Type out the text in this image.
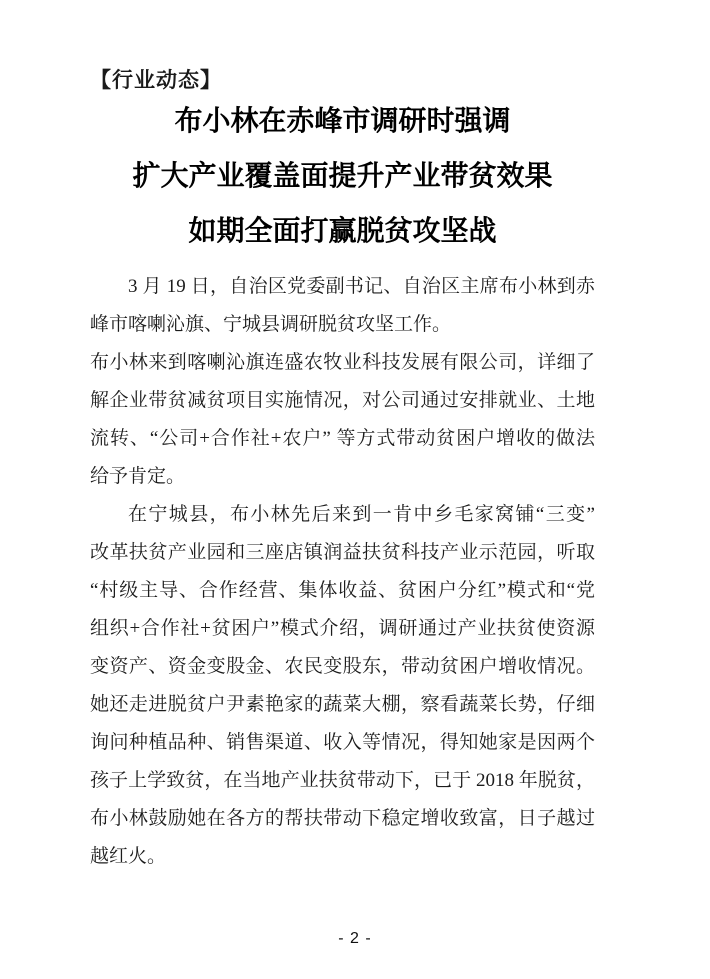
【行业动态】
布小林在赤峰市调研时强调
扩大产业覆盖面提升产业带贫效果
如期全面打赢脱贫攻坚战
3 月 19 日，自治区党委副书记、自治区主席布小林到赤
峰市喀喇沁旗、宁城县调研脱贫攻坚工作。
布小林来到喀喇沁旗连盛农牧业科技发展有限公司，详细了
解企业带贫减贫项目实施情况，对公司通过安排就业、土地
流转、“公司+合作社+农户” 等方式带动贫困户增收的做法
给予肯定。
在宁城县，布小林先后来到一肯中乡毛家窝铺“三变”
改革扶贫产业园和三座店镇润益扶贫科技产业示范园，听取
“村级主导、合作经营、集体收益、贫困户分红”模式和“党
组织+合作社+贫困户”模式介绍，调研通过产业扶贫使资源
变资产、资金变股金、农民变股东，带动贫困户增收情况。
她还走进脱贫户尹素艳家的蔬菜大棚，察看蔬菜长势，仔细
询问种植品种、销售渠道、收入等情况，得知她家是因两个
孩子上学致贫，在当地产业扶贫带动下，已于 2018 年脱贫，
布小林鼓励她在各方的帮扶带动下稳定增收致富，日子越过
越红火。
- 2 -
